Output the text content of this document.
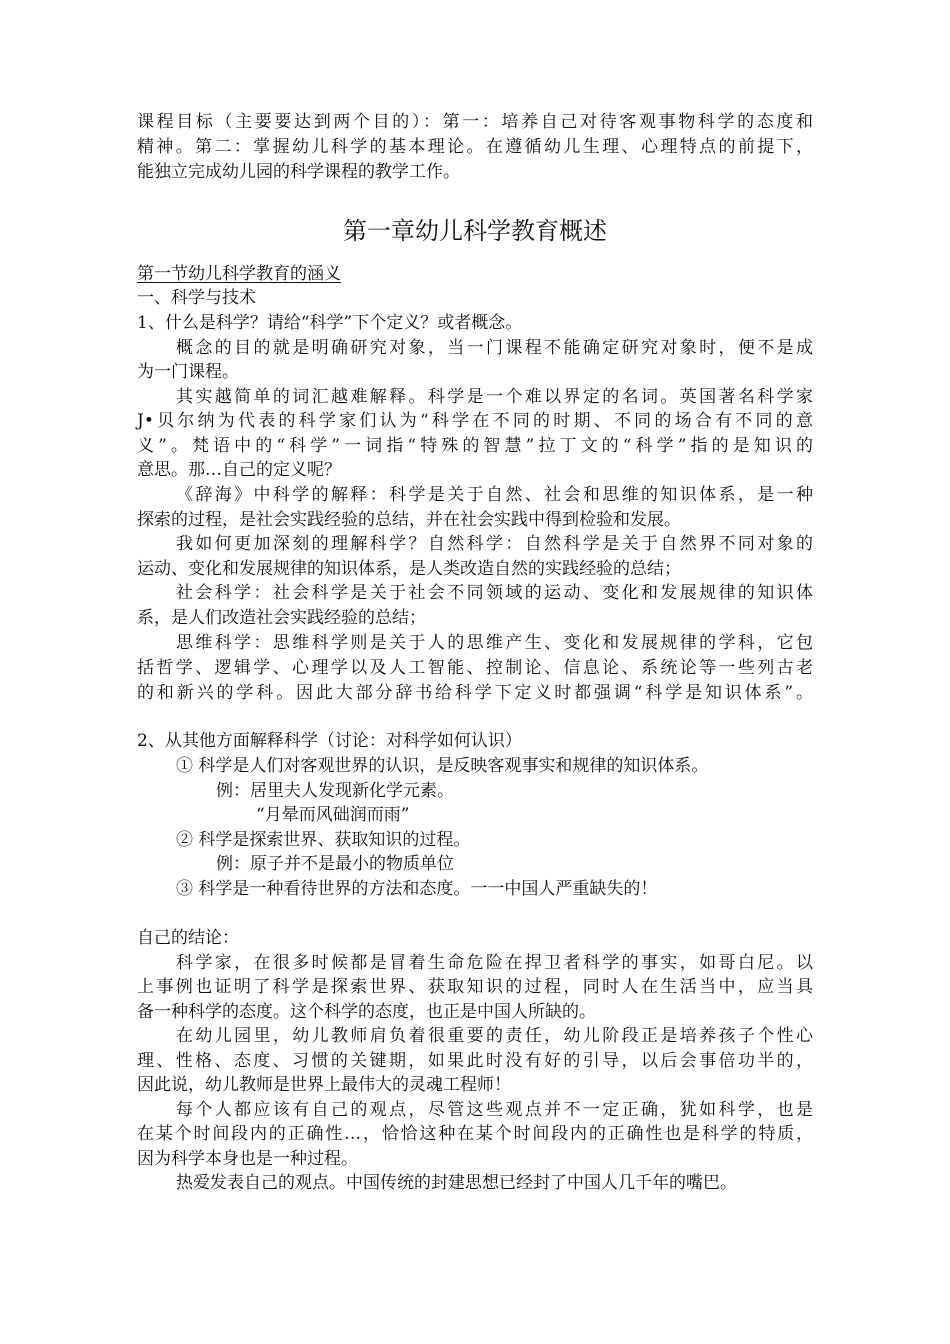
课程目标（主要要达到两个目的）：第一：培养自己对待客观事物科学的态度和
精神。第二：掌握幼儿科学的基本理论。在遵循幼儿生理、心理特点的前提下，
能独立完成幼儿园的科学课程的教学工作。
第一章幼儿科学教育概述
第一节幼儿科学教育的涵义
一、科学与技术
1、什么是科学？请给“科学”下个定义？或者概念。
概念的目的就是明确研究对象，当一门课程不能确定研究对象时，便不是成
为一门课程。
其实越简单的词汇越难解释。科学是一个难以界定的名词。英国著名科学家
J•贝尔纳为代表的科学家们认为“科学在不同的时期、不同的场合有不同的意
义”。梵语中的“科学”一词指“特殊的智慧”拉丁文的“科学”指的是知识的
意思。那…自己的定义呢？
《辞海》中科学的解释：科学是关于自然、社会和思维的知识体系，是一种
探索的过程，是社会实践经验的总结，并在社会实践中得到检验和发展。
我如何更加深刻的理解科学？自然科学：自然科学是关于自然界不同对象的
运动、变化和发展规律的知识体系，是人类改造自然的实践经验的总结；
社会科学：社会科学是关于社会不同领域的运动、变化和发展规律的知识体
系，是人们改造社会实践经验的总结；
思维科学：思维科学则是关于人的思维产生、变化和发展规律的学科，它包
括哲学、逻辑学、心理学以及人工智能、控制论、信息论、系统论等一些列古老
的和新兴的学科。因此大部分辞书给科学下定义时都强调“科学是知识体系”。
2、从其他方面解释科学（讨论：对科学如何认识）
① 科学是人们对客观世界的认识，是反映客观事实和规律的知识体系。
例：居里夫人发现新化学元素。
“月晕而风础润而雨”
② 科学是探索世界、获取知识的过程。
例：原子并不是最小的物质单位
③ 科学是一种看待世界的方法和态度。一一中国人严重缺失的！
自己的结论：
科学家，在很多时候都是冒着生命危险在捍卫者科学的事实，如哥白尼。以
上事例也证明了科学是探索世界、获取知识的过程，同时人在生活当中，应当具
备一种科学的态度。这个科学的态度，也正是中国人所缺的。
在幼儿园里，幼儿教师肩负着很重要的责任，幼儿阶段正是培养孩子个性心
理、性格、态度、习惯的关键期，如果此时没有好的引导，以后会事倍功半的，
因此说，幼儿教师是世界上最伟大的灵魂工程师！
每个人都应该有自己的观点，尽管这些观点并不一定正确，犹如科学，也是
在某个时间段内的正确性…，恰恰这种在某个时间段内的正确性也是科学的特质，
因为科学本身也是一种过程。
热爱发表自己的观点。中国传统的封建思想已经封了中国人几千年的嘴巴。
